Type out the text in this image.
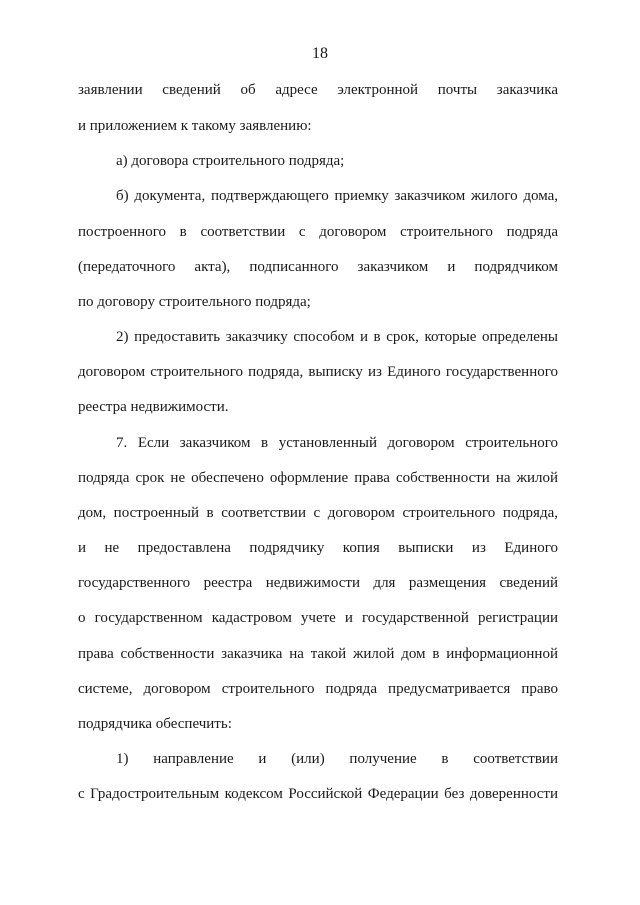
18
заявлении сведений об адресе электронной почты заказчика
и приложением к такому заявлению:
а) договора строительного подряда;
б) документа, подтверждающего приемку заказчиком жилого дома,
построенного в соответствии с договором строительного подряда
(передаточного акта), подписанного заказчиком и подрядчиком
по договору строительного подряда;
2) предоставить заказчику способом и в срок, которые определены
договором строительного подряда, выписку из Единого государственного
реестра недвижимости.
7. Если заказчиком в установленный договором строительного
подряда срок не обеспечено оформление права собственности на жилой
дом, построенный в соответствии с договором строительного подряда,
и не предоставлена подрядчику копия выписки из Единого
государственного реестра недвижимости для размещения сведений
о государственном кадастровом учете и государственной регистрации
права собственности заказчика на такой жилой дом в информационной
системе, договором строительного подряда предусматривается право
подрядчика обеспечить:
1) направление и (или) получение в соответствии
с Градостроительным кодексом Российской Федерации без доверенности
